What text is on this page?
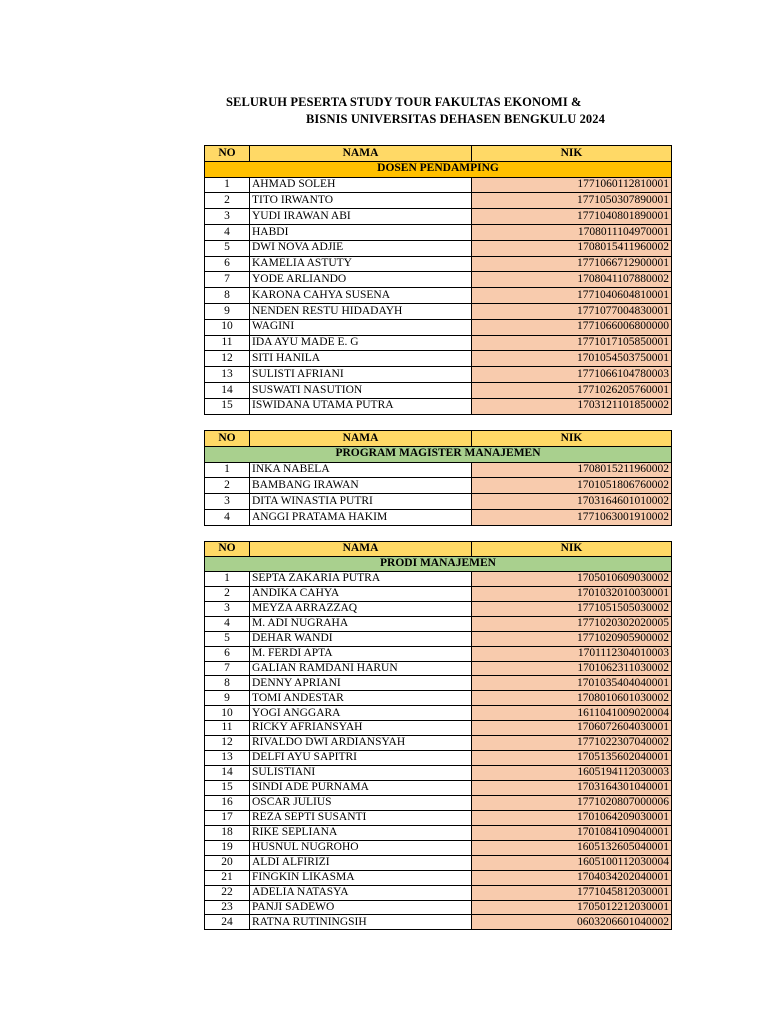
SELURUH PESERTA STUDY TOUR FAKULTAS EKONOMI &
BISNIS UNIVERSITAS DEHASEN BENGKULU 2024
NO	NAMA	NIK
DOSEN PENDAMPING		
1	AHMAD SOLEH	1771060112810001
2	TITO IRWANTO	1771050307890001
3	YUDI IRAWAN ABI	1771040801890001
4	HABDI	1708011104970001
5	DWI NOVA ADJIE	1708015411960002
6	KAMELIA ASTUTY	1771066712900001
7	YODE ARLIANDO	1708041107880002
8	KARONA CAHYA SUSENA	1771040604810001
9	NENDEN RESTU HIDADAYH	1771077004830001
10	WAGINI	1771066006800000
11	IDA AYU MADE E. G	1771017105850001
12	SITI HANILA	1701054503750001
13	SULISTI AFRIANI	1771066104780003
14	SUSWATI NASUTION	1771026205760001
15	ISWIDANA UTAMA PUTRA	1703121101850002
NO	NAMA	NIK
PROGRAM MAGISTER MANAJEMEN		
1	INKA NABELA	1708015211960002
2	BAMBANG IRAWAN	1701051806760002
3	DITA WINASTIA PUTRI	1703164601010002
4	ANGGI PRATAMA HAKIM	1771063001910002
NO	NAMA	NIK
PRODI MANAJEMEN		
1	SEPTA ZAKARIA PUTRA	1705010609030002
2	ANDIKA CAHYA	1701032010030001
3	MEYZA ARRAZZAQ	1771051505030002
4	M. ADI NUGRAHA	1771020302020005
5	DEHAR WANDI	1771020905900002
6	M. FERDI APTA	1701112304010003
7	GALIAN RAMDANI HARUN	1701062311030002
8	DENNY APRIANI	1701035404040001
9	TOMI ANDESTAR	1708010601030002
10	YOGI ANGGARA	1611041009020004
11	RICKY AFRIANSYAH	1706072604030001
12	RIVALDO DWI ARDIANSYAH	1771022307040002
13	DELFI AYU SAPITRI	1705135602040001
14	SULISTIANI	1605194112030003
15	SINDI ADE PURNAMA	1703164301040001
16	OSCAR JULIUS	1771020807000006
17	REZA SEPTI SUSANTI	1701064209030001
18	RIKE SEPLIANA	1701084109040001
19	HUSNUL NUGROHO	1605132605040001
20	ALDI ALFIRIZI	1605100112030004
21	FINGKIN LIKASMA	1704034202040001
22	ADELIA NATASYA	1771045812030001
23	PANJI SADEWO	1705012212030001
24	RATNA RUTININGSIH	0603206601040002
